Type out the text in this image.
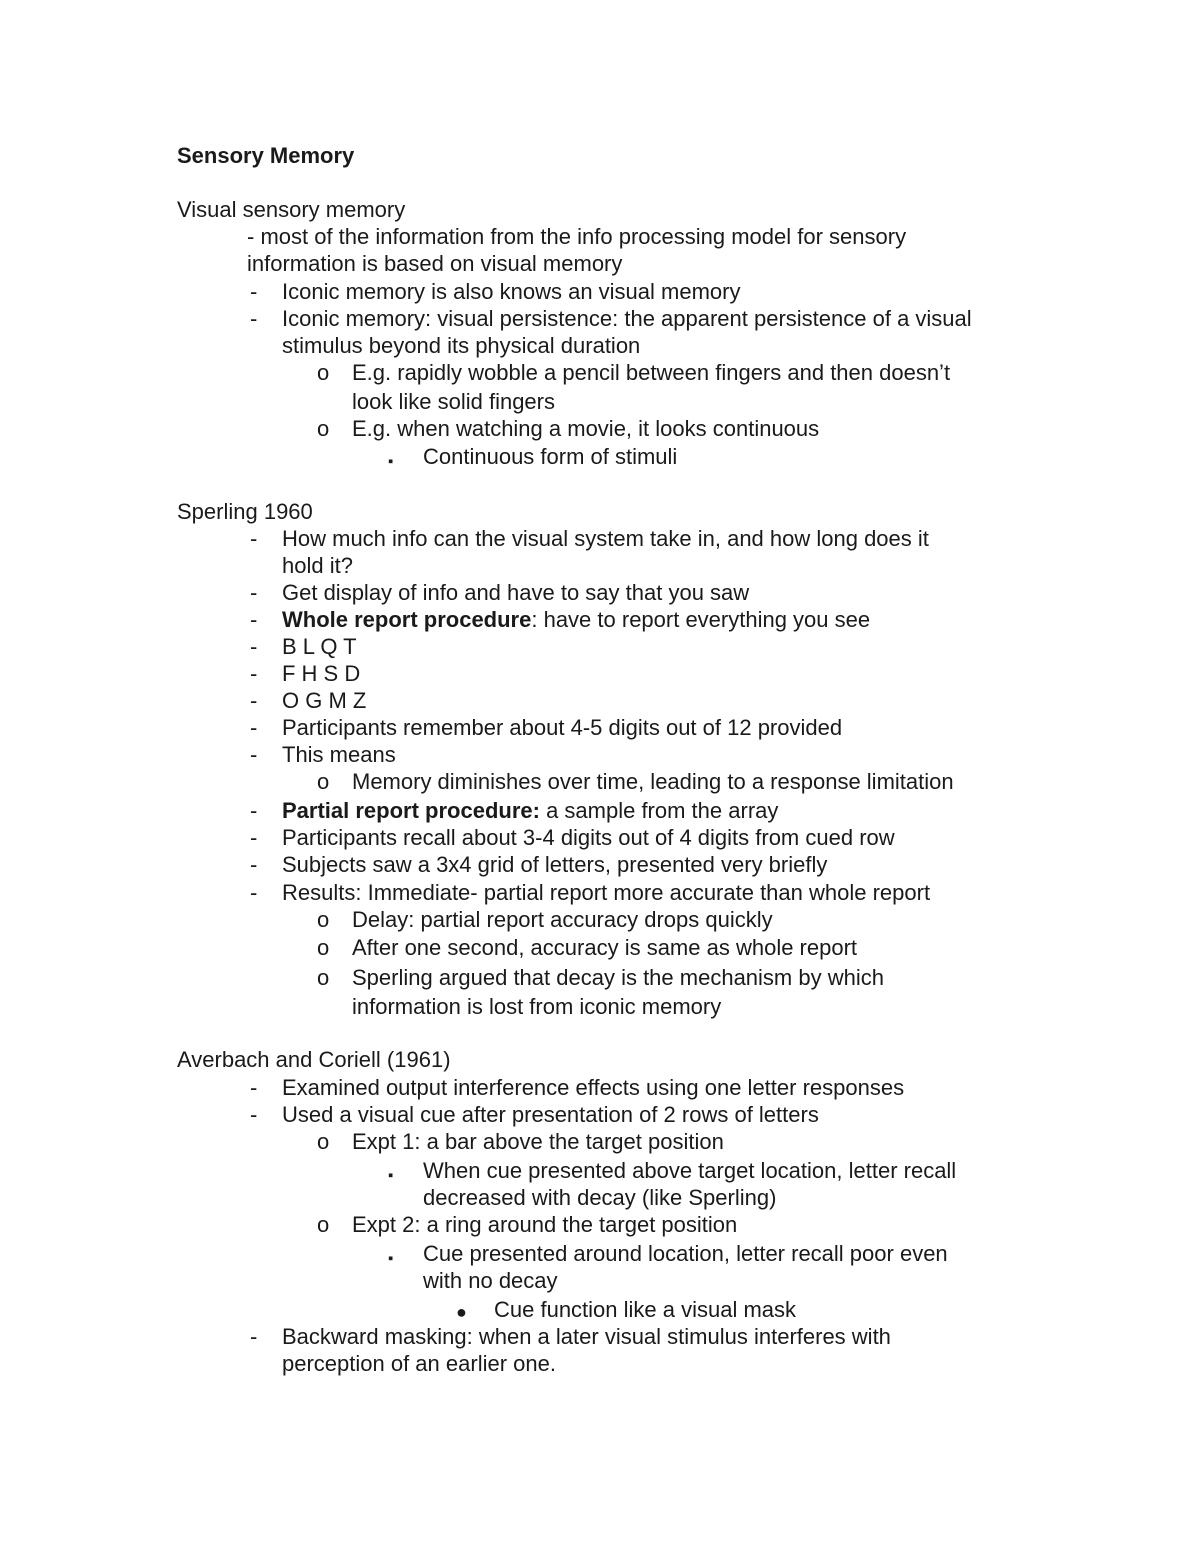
Sensory Memory
Visual sensory memory
- most of the information from the info processing model for sensory
information is based on visual memory
- Iconic memory is also knows an visual memory
- Iconic memory: visual persistence: the apparent persistence of a visual
stimulus beyond its physical duration
o E.g. rapidly wobble a pencil between fingers and then doesn’t
look like solid fingers
o E.g. when watching a movie, it looks continuous
▪ Continuous form of stimuli
Sperling 1960
- How much info can the visual system take in, and how long does it
hold it?
- Get display of info and have to say that you saw
- Whole report procedure: have to report everything you see
- B L Q T
- F H S D
- O G M Z
- Participants remember about 4-5 digits out of 12 provided
- This means
o Memory diminishes over time, leading to a response limitation
- Partial report procedure: a sample from the array
- Participants recall about 3-4 digits out of 4 digits from cued row
- Subjects saw a 3x4 grid of letters, presented very briefly
- Results: Immediate- partial report more accurate than whole report
o Delay: partial report accuracy drops quickly
o After one second, accuracy is same as whole report
o Sperling argued that decay is the mechanism by which
information is lost from iconic memory
Averbach and Coriell (1961)
- Examined output interference effects using one letter responses
- Used a visual cue after presentation of 2 rows of letters
o Expt 1: a bar above the target position
▪ When cue presented above target location, letter recall
decreased with decay (like Sperling)
o Expt 2: a ring around the target position
▪ Cue presented around location, letter recall poor even
with no decay
● Cue function like a visual mask
- Backward masking: when a later visual stimulus interferes with
perception of an earlier one.
